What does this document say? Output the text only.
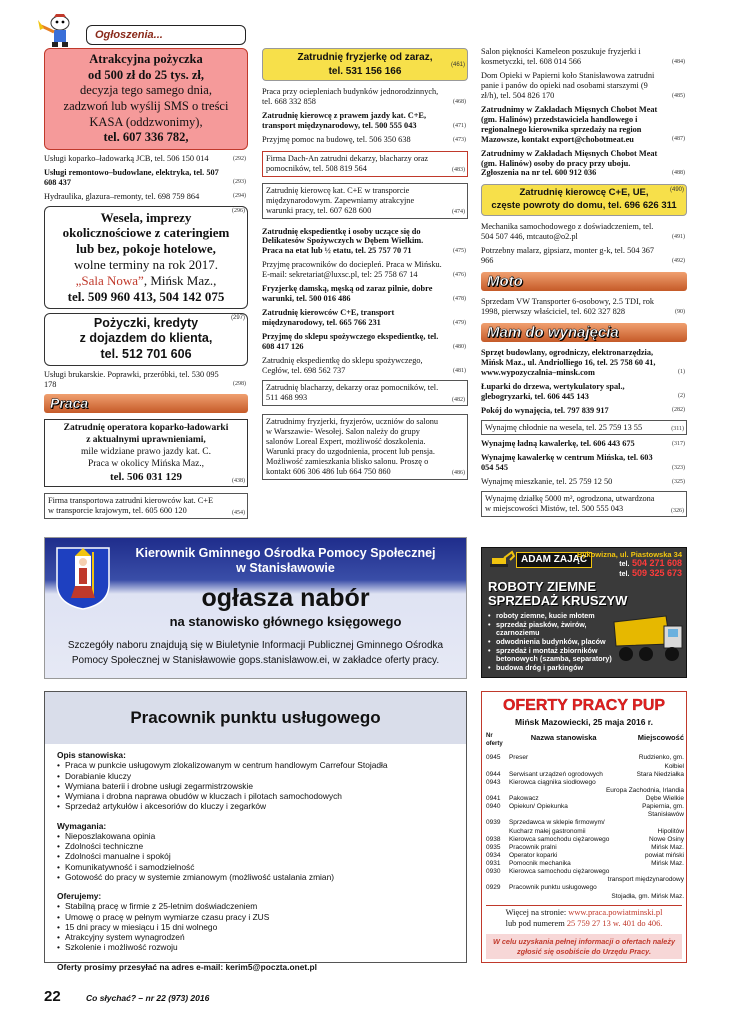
Ogłoszenia...
Atrakcyjna pożyczka
od 500 zł do 25 tys. zł,
decyzja tego samego dnia,
zadzwoń lub wyślij SMS o treści
KASA (oddzwonimy),
tel. 607 336 782,
Usługi koparko–ładowarką JCB, tel. 506 150 014	(292)
Usługi remontowo–budowlane, elektryka, tel. 507 608 437	(293)
Hydraulika, glazura–remonty, tel. 698 759 864	(294)
Wesela, imprezy
okolicznościowe z cateringiem
lub bez, pokoje hotelowe,
wolne terminy na rok 2017.
„Sala Nowa”, Mińsk Maz.,
tel. 509 960 413, 504 142 075
(296)
Pożyczki, kredyty
z dojazdem do klienta,
tel. 512 701 606
(297)
Usługi brukarskie. Poprawki, przeróbki, tel. 530 095 178	(298)
Praca
Zatrudnię operatora koparko-ładowarki
z aktualnymi uprawnieniami,
mile widziane prawo jazdy kat. C.
Praca w okolicy Mińska Maz.,
tel. 506 031 129	(438)
Firma transportowa zatrudni kierowców kat. C+E w transporcie krajowym, tel. 605 600 120	(454)
Zatrudnię fryzjerkę od zaraz,
tel. 531 156 166
(461)
Praca przy ociepleniach budynków jednorodzinnych, tel. 668 332 858	(468)
Zatrudnię kierowcę z prawem jazdy kat. C+E, transport międzynarodowy, tel. 500 555 043	(471)
Przyjmę pomoc na budowę, tel. 506 350 638	(473)
Firma Dach-An zatrudni dekarzy, blacharzy oraz pomocników, tel. 508 819 564	(483)
Zatrudnię kierowcę kat. C+E w transporcie międzynarodowym. Zapewniamy atrakcyjne warunki pracy, tel. 607 628 600	(474)
Zatrudnię ekspedientkę i osoby uczące się do Delikatesów Spożywczych w Dębem Wielkim. Praca na etat lub ½ etatu, tel. 25 757 70 71	(475)
Przyjmę pracowników do dociepleń. Praca w Mińsku. E-mail: sekretariat@luxsc.pl, tel: 25 758 67 14	(476)
Fryzjerkę damską, męską od zaraz pilnie, dobre warunki, tel. 500 016 486	(478)
Zatrudnię kierowców C+E, transport międzynarodowy, tel. 665 766 231	(479)
Przyjmę do sklepu spożywczego ekspedientkę, tel. 608 417 126	(480)
Zatrudnię ekspedientkę do sklepu spożywczego, Cegłów, tel. 698 562 737	(481)
Zatrudnię blacharzy, dekarzy oraz pomocników, tel. 511 468 993	(482)
Zatrudnimy fryzjerki, fryzjerów, uczniów do salonu w Warszawie- Wesołej. Salon należy do grupy salonów Loreal Expert, możliwość doszkolenia. Warunki pracy do uzgodnienia, procent lub pensja. Możliwość zamieszkania blisko salonu. Proszę o kontakt 606 306 486 lub 664 750 860	(486)
Salon piękności Kameleon poszukuje fryzjerki i kosmetyczki, tel. 608 014 566	(484)
Dom Opieki w Papierni koło Stanisławowa zatrudni panie i panów do opieki nad osobami starszymi (9 zł/h), tel. 504 826 170	(485)
Zatrudnimy w Zakładach Mięsnych Chobot Meat (gm. Halinów) przedstawiciela handlowego i regionalnego kierownika sprzedaży na region Mazowsze, kontakt export@chobotmeat.eu	(487)
Zatrudnimy w Zakładach Mięsnych Chobot Meat (gm. Halinów) osoby do pracy przy uboju. Zgłoszenia na nr tel. 600 912 036	(488)
Zatrudnię kierowcę C+E, UE,
częste powroty do domu, tel. 696 626 311
(490)
Mechanika samochodowego z doświadczeniem, tel. 504 507 446, mtcauto@o2.pl	(491)
Potrzebny malarz, gipsiarz, monter g-k, tel. 504 367 966	(492)
Moto
Sprzedam VW Transporter 6-osobowy, 2.5 TDI, rok 1998, pierwszy właściciel, tel. 602 327 828	(90)
Mam do wynajęcia
Sprzęt budowlany, ogrodniczy, elektronarzędzia, Mińsk Maz., ul. Andriolliego 16, tel. 25 758 60 41, www.wypozyczalnia–minsk.com	(1)
Łuparki do drzewa, wertykulatory spal., glebogryzarki, tel. 606 445 143	(2)
Pokój do wynajęcia, tel. 797 839 917	(282)
Wynajmę chłodnie na wesela, tel. 25 759 13 55	(311)
Wynajmę ładną kawalerkę, tel. 606 443 675	(317)
Wynajmę kawalerkę w centrum Mińska, tel. 603 054 545	(323)
Wynajmę mieszkanie, tel. 25 759 12 50	(325)
Wynajmę działkę 5000 m², ogrodzona, utwardzona w miejscowości Mistów, tel. 500 555 043	(326)
Kierownik Gminnego Ośrodka Pomocy Społecznej
w Stanisławowie
ogłasza nabór
na stanowisko głównego księgowego
Szczegóły naboru znajdują się w Biuletynie Informacji Publicznej Gminnego Ośrodka
Pomocy Społecznej w Stanisławowie gops.stanislawow.ei, w zakładce oferty pracy.
ADAM ZAJĄC
Bykowizna, ul. Piastowska 34
tel. 504 271 608
tel. 509 325 673
ROBOTY ZIEMNE
SPRZEDAŻ KRUSZYW
• roboty ziemne, kucie młotem
• sprzedaż piasków, żwirów, czarnoziemu
• odwodnienia budynków, placów
• sprzedaż i montaż zbiorników betonowych (szamba, separatory)
• budowa dróg i parkingów
Pracownik punktu usługowego
Opis stanowiska:
• Praca w punkcie usługowym zlokalizowanym w centrum handlowym Carrefour Stojadła
• Dorabianie kluczy
• Wymiana baterii i drobne usługi zegarmistrzowskie
• Wymiana i drobna naprawa obudów w kluczach i pilotach samochodowych
• Sprzedaż artykułów i akcesoriów do kluczy i zegarków
Wymagania:
• Nieposzlakowana opinia
• Zdolności techniczne
• Zdolności manualne i spokój
• Komunikatywność i samodzielność
• Gotowość do pracy w systemie zmianowym (możliwość ustalania zmian)
Oferujemy:
• Stabilną pracę w firmie z 25-letnim doświadczeniem
• Umowę o pracę w pełnym wymiarze czasu pracy i ZUS
• 15 dni pracy w miesiącu i 15 dni wolnego
• Atrakcyjny system wynagrodzeń
• Szkolenie i możliwość rozwoju
Oferty prosimy przesyłać na adres e-mail: kerim5@poczta.onet.pl
OFERTY PRACY PUP
Mińsk Mazowiecki, 25 maja 2016 r.
Nr oferty	Nazwa stanowiska	Miejscowość

0945	Preser	Rudzienko, gm. Kołbiel
0944	Serwisant urządzeń ogrodowych	Stara Niedziałka
0943	Kierowca ciągnika siodłowego	
	Europa Zachodnia, Irlandia	
0941	Pakowacz	Dębe Wielkie
0940	Opiekun/ Opiekunka	Papiernia, gm. Stanisławów
0939	Sprzedawca w sklepie firmowym/ Kucharz małej gastronomii	Hipolitów
0938	Kierowca samochodu ciężarowego	Nowe Osiny
0935	Pracownik pralni	Mińsk Maz.
0934	Operator koparki	powiat miński
0931	Pomocnik mechanika	Mińsk Maz.
0930	Kierowca samochodu ciężarowego	
	transport międzynarodowy	
0929	Pracownik punktu usługowego	
	Stojadła, gm. Mińsk Maz.	
Więcej na stronie: www.praca.powiatminski.pl
lub pod numerem 25 759 27 13 w. 401 do 406.
W celu uzyskania pełnej informacji o ofertach należy zgłosić się osobiście do Urzędu Pracy.
22	Co słychać? – nr 22 (973) 2016
